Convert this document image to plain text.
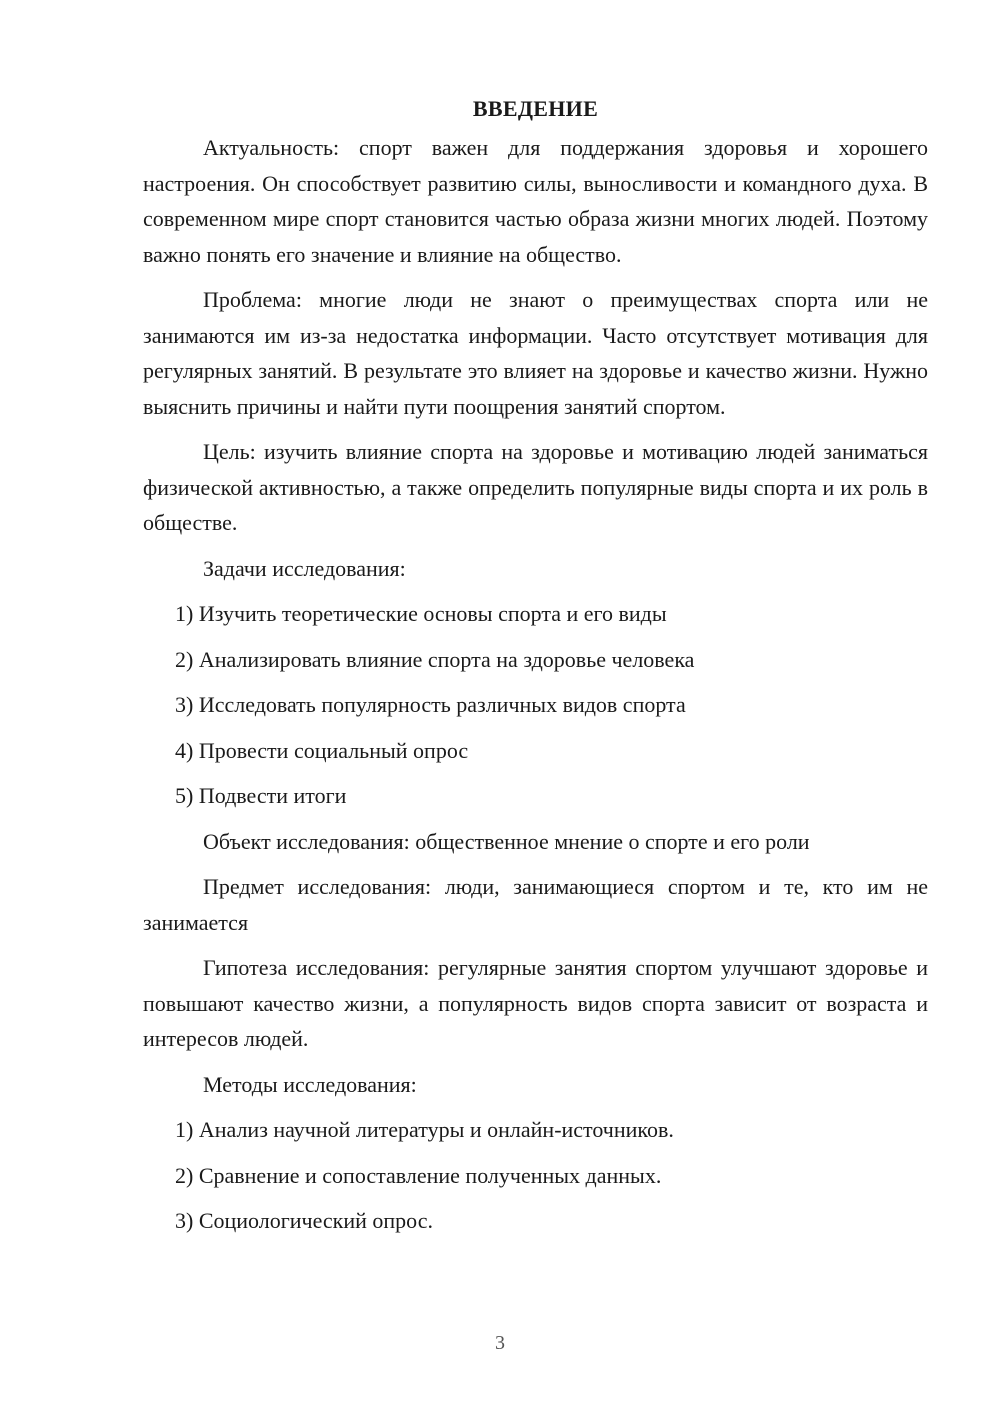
ВВЕДЕНИЕ

Актуальность: спорт важен для поддержания здоровья и хорошего настроения. Он способствует развитию силы, выносливости и командного духа. В современном мире спорт становится частью образа жизни многих людей. Поэтому важно понять его значение и влияние на общество.

Проблема: многие люди не знают о преимуществах спорта или не занимаются им из-за недостатка информации. Часто отсутствует мотивация для регулярных занятий. В результате это влияет на здоровье и качество жизни. Нужно выяснить причины и найти пути поощрения занятий спортом.

Цель: изучить влияние спорта на здоровье и мотивацию людей заниматься физической активностью, а также определить популярные виды спорта и их роль в обществе.

Задачи исследования:
1) Изучить теоретические основы спорта и его виды
2) Анализировать влияние спорта на здоровье человека
3) Исследовать популярность различных видов спорта
4) Провести социальный опрос
5) Подвести итоги

Объект исследования: общественное мнение о спорте и его роли

Предмет исследования: люди, занимающиеся спортом и те, кто им не занимается

Гипотеза исследования: регулярные занятия спортом улучшают здоровье и повышают качество жизни, а популярность видов спорта зависит от возраста и интересов людей.

Методы исследования:
1) Анализ научной литературы и онлайн-источников.
2) Сравнение и сопоставление полученных данных.
3) Социологический опрос.
3
